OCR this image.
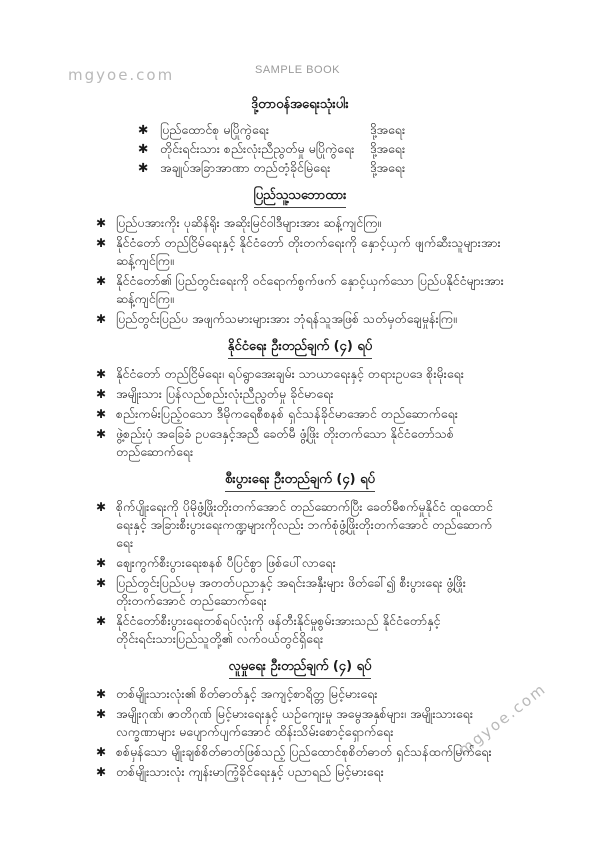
mgyoe.com	SAMPLE BOOK
mgyoe.com
ဒို့တာဝန်အရေးသုံးပါး
✱
ပြည်ထောင်စု မပြိုကွဲရေး	ဒို့အရေး
✱
တိုင်းရင်းသား စည်းလုံးညီညွတ်မှု မပြိုကွဲရေး	ဒို့အရေး
✱
အချုပ်အခြာအာဏာ တည်တံ့ခိုင်မြဲရေး	ဒို့အရေး
ပြည်သူ့သဘောထား
✱
ပြည်ပအားကိုး ပုဆိန်ရိုး အဆိုးမြင်ဝါဒီများအား ဆန့်ကျင်ကြ။
✱
နိုင်ငံတော် တည်ငြိမ်ရေးနှင့် နိုင်ငံတော် တိုးတက်ရေးကို နှောင့်ယှက် ဖျက်ဆီးသူများအား ဆန့်ကျင်ကြ။
✱
နိုင်ငံတော်၏ ပြည်တွင်းရေးကို ဝင်ရောက်စွက်ဖက် နှောင့်ယှက်သော ပြည်ပနိုင်ငံများအား ဆန့်ကျင်ကြ။
✱
ပြည်တွင်းပြည်ပ အဖျက်သမားများအား ဘုံရန်သူအဖြစ် သတ်မှတ်ချေမှုန်းကြ။
နိုင်ငံရေး ဦးတည်ချက် (၄) ရပ်
✱
နိုင်ငံတော် တည်ငြိမ်ရေး၊ ရပ်ရွာအေးချမ်း သာယာရေးနှင့် တရားဥပဒေ စိုးမိုးရေး
✱
အမျိုးသား ပြန်လည်စည်းလုံးညီညွတ်မှု ခိုင်မာရေး
✱
စည်းကမ်းပြည့်ဝသော ဒီမိုကရေစီစနစ် ရှင်သန်ခိုင်မာအောင် တည်ဆောက်ရေး
✱
ဖွဲ့စည်းပုံ အခြေခံ ဥပဒေနှင့်အညီ ခေတ်မီ ဖွံ့ဖြိုး တိုးတက်သော နိုင်ငံတော်သစ် တည်ဆောက်ရေး
စီးပွားရေး ဦးတည်ချက် (၄) ရပ်
✱
စိုက်ပျိုးရေးကို ပိုမိုဖွံ့ဖြိုးတိုးတက်အောင် တည်ဆောက်ပြီး ခေတ်မီစက်မှုနိုင်ငံ ထူထောင်ရေးနှင့် အခြားစီးပွားရေးကဏ္ဍများကိုလည်း ဘက်စုံဖွံ့ဖြိုးတိုးတက်အောင် တည်ဆောက်ရေး
✱
ဈေးကွက်စီးပွားရေးစနစ် ပီပြင်စွာ ဖြစ်ပေါ်လာရေး
✱
ပြည်တွင်းပြည်ပမှ အတတ်ပညာနှင့် အရင်းအနှီးများ ဖိတ်ခေါ်၍ စီးပွားရေး ဖွံ့ဖြိုးတိုးတက်အောင် တည်ဆောက်ရေး
✱
နိုင်ငံတော်စီးပွားရေးတစ်ရပ်လုံးကို ဖန်တီးနိုင်မှုစွမ်းအားသည် နိုင်ငံတော်နှင့် တိုင်းရင်းသားပြည်သူတို့၏ လက်ဝယ်တွင်ရှိရေး
လူမှုရေး ဦးတည်ချက် (၄) ရပ်
✱
တစ်မျိုးသားလုံး၏ စိတ်ဓာတ်နှင့် အကျင့်စာရိတ္တ မြင့်မားရေး
✱
အမျိုးဂုဏ်၊ ဇာတိဂုဏ် မြင့်မားရေးနှင့် ယဉ်ကျေးမှု အမွေအနှစ်များ၊ အမျိုးသားရေး လက္ခဏာများ မပျောက်ပျက်အောင် ထိန်းသိမ်းစောင့်ရှောက်ရေး
✱
စစ်မှန်သော မျိုးချစ်စိတ်ဓာတ်ဖြစ်သည့် ပြည်ထောင်စုစိတ်ဓာတ် ရှင်သန်ထက်မြက်ရေး
✱
တစ်မျိုးသားလုံး ကျန်းမာကြံ့ခိုင်ရေးနှင့် ပညာရည် မြင့်မားရေး
